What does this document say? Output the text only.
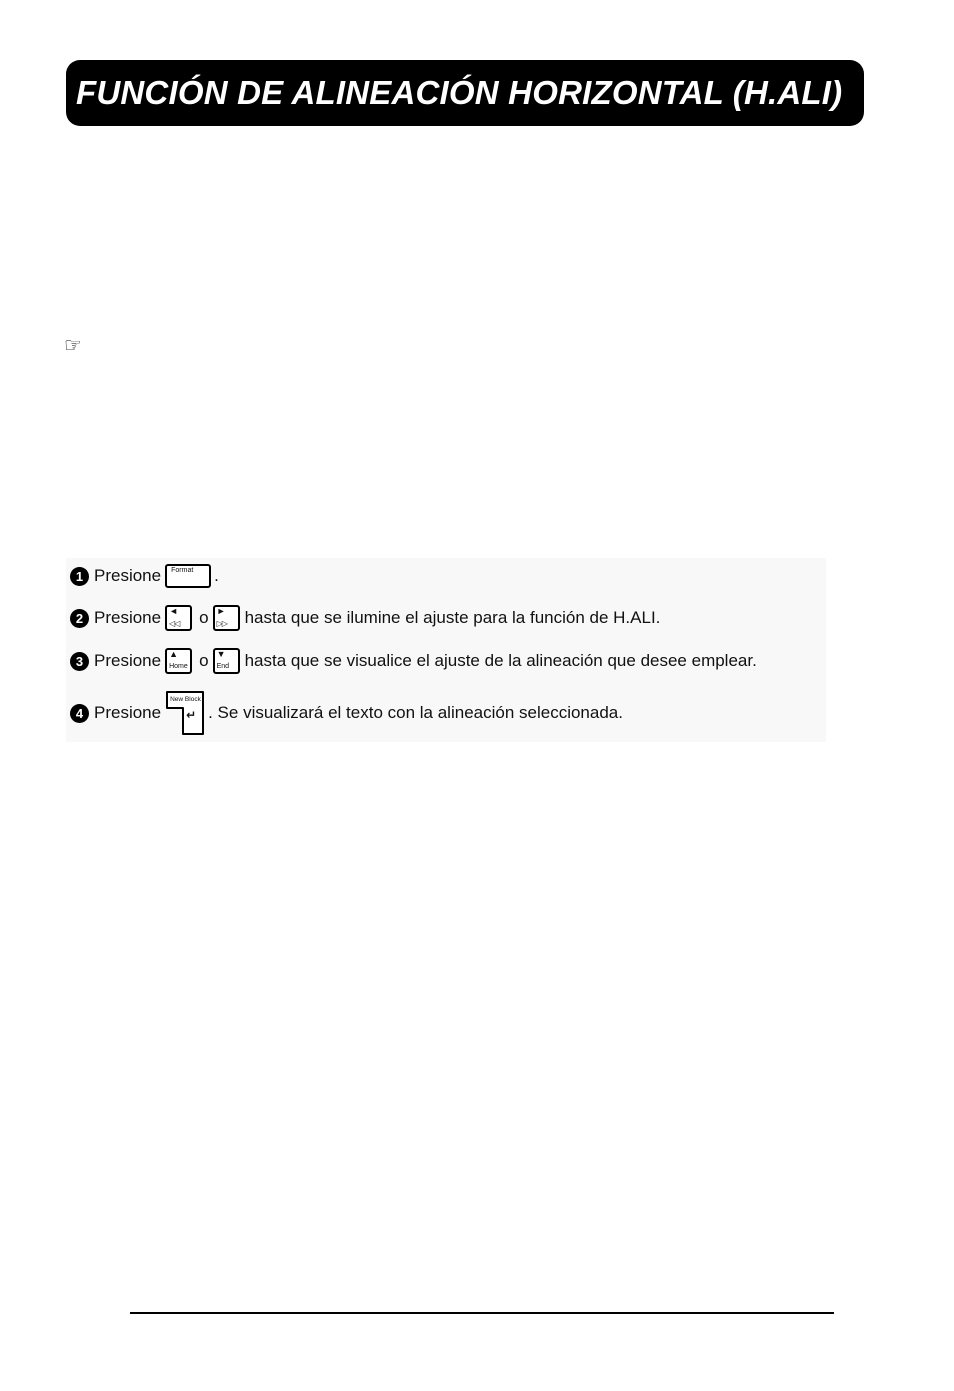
FUNCIÓN DE ALINEACIÓN HORIZONTAL (H.ALI)
☞
1 Presione Format .
2 Presione ◄
◁◁ o ►
▷▷ hasta que se ilumine el ajuste para la función de H.ALI.
3 Presione ▲
Home o ▼
End hasta que se visualice el ajuste de la alineación que desee emplear.
4 Presione
New Block
↵ . Se visualizará el texto con la alineación seleccionada.
